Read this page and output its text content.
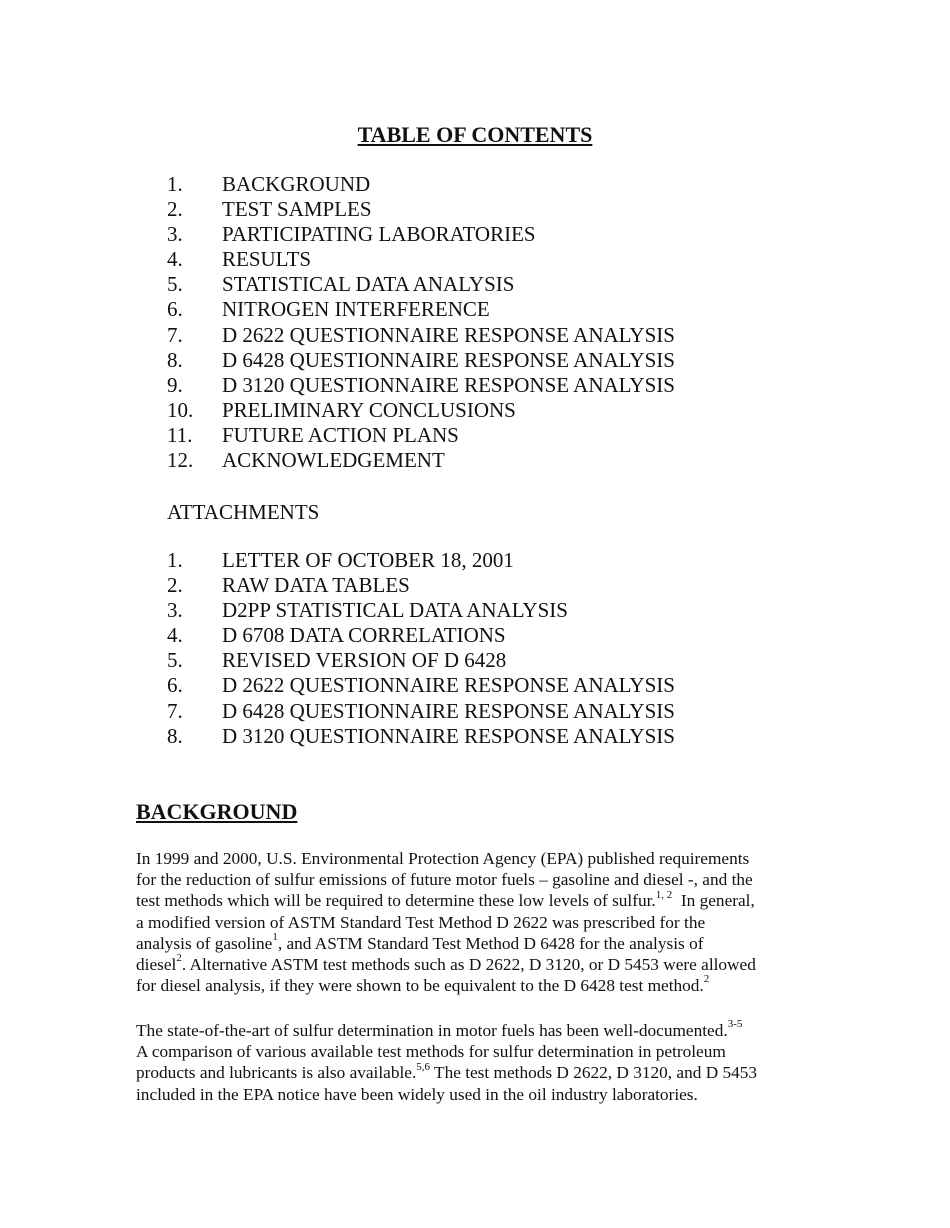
TABLE OF CONTENTS
1.	BACKGROUND
2.	TEST SAMPLES
3.	PARTICIPATING LABORATORIES
4.	RESULTS
5.	STATISTICAL DATA ANALYSIS
6.	NITROGEN INTERFERENCE
7.	D 2622 QUESTIONNAIRE RESPONSE ANALYSIS
8.	D 6428 QUESTIONNAIRE RESPONSE ANALYSIS
9.	D 3120 QUESTIONNAIRE RESPONSE ANALYSIS
10.	PRELIMINARY CONCLUSIONS
11.	FUTURE ACTION PLANS
12.	ACKNOWLEDGEMENT
ATTACHMENTS
1.	LETTER OF OCTOBER 18, 2001
2.	RAW DATA TABLES
3.	D2PP STATISTICAL DATA ANALYSIS
4.	D 6708 DATA CORRELATIONS
5.	REVISED VERSION OF D 6428
6.	D 2622 QUESTIONNAIRE RESPONSE ANALYSIS
7.	D 6428 QUESTIONNAIRE RESPONSE ANALYSIS
8.	D 3120 QUESTIONNAIRE RESPONSE ANALYSIS
BACKGROUND

In 1999 and 2000, U.S. Environmental Protection Agency (EPA) published requirements
for the reduction of sulfur emissions of future motor fuels – gasoline and diesel -, and the
test methods which will be required to determine these low levels of sulfur.$^{1, 2}$  In general,
a modified version of ASTM Standard Test Method D 2622 was prescribed for the
analysis of gasoline$^1$, and ASTM Standard Test Method D 6428 for the analysis of
diesel$^2$. Alternative ASTM test methods such as D 2622, D 3120, or D 5453 were allowed
for diesel analysis, if they were shown to be equivalent to the D 6428 test method.$^2$

The state-of-the-art of sulfur determination in motor fuels has been well-documented.$^{3-5}$
A comparison of various available test methods for sulfur determination in petroleum
products and lubricants is also available.$^{5,6}$ The test methods D 2622, D 3120, and D 5453
included in the EPA notice have been widely used in the oil industry laboratories.
